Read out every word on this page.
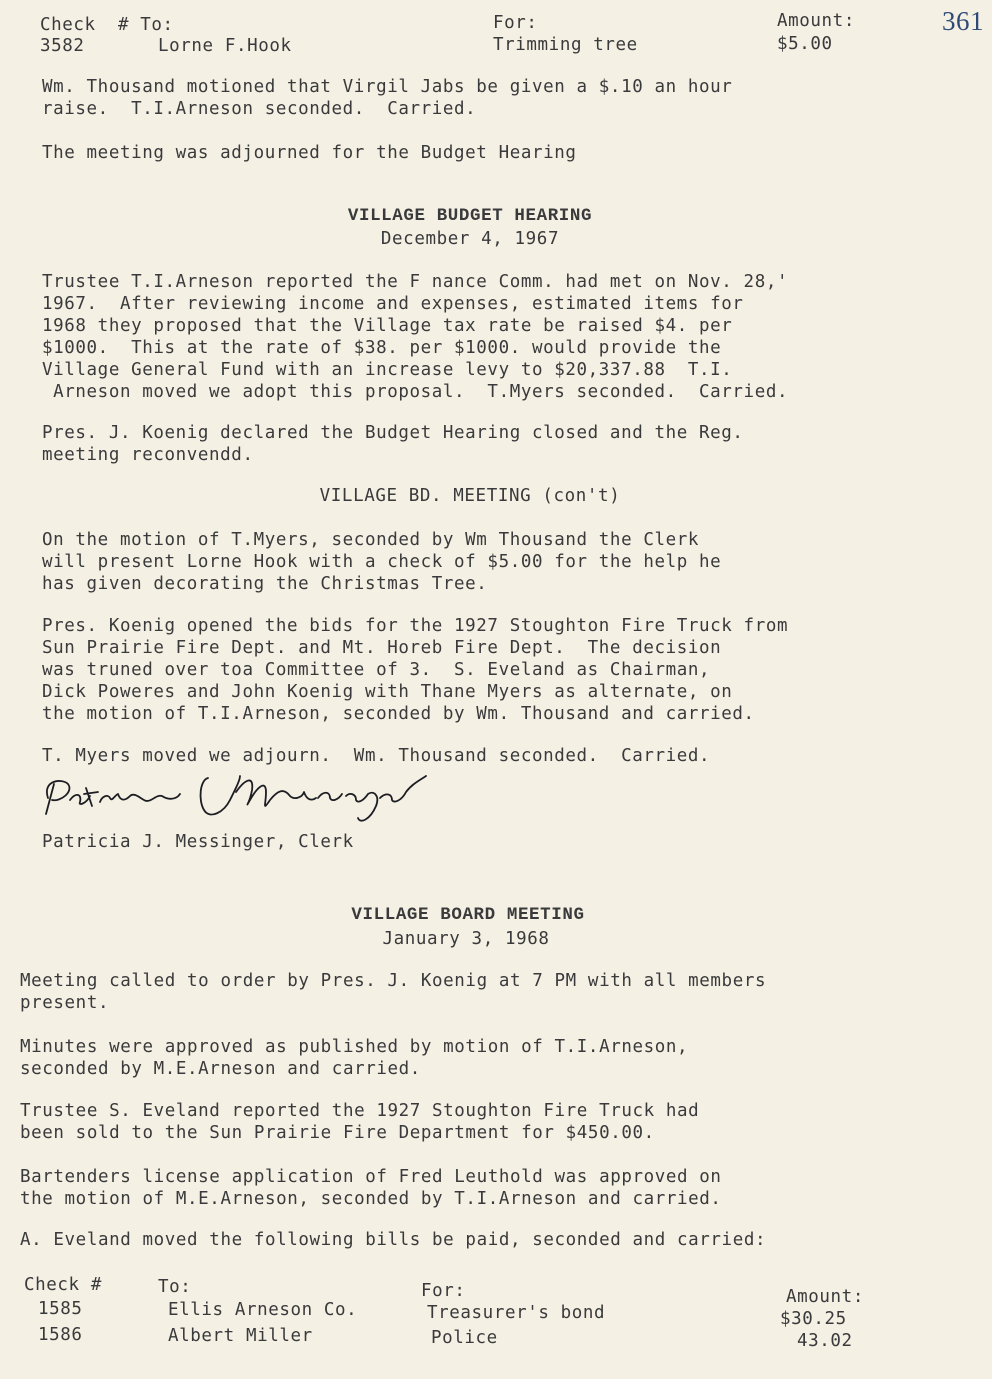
361
Check  # To:	For:	Amount:
3582	Lorne F.Hook	Trimming tree	$5.00
Wm. Thousand motioned that Virgil Jabs be given a $.10 an hour
raise.  T.I.Arneson seconded.  Carried.
The meeting was adjourned for the Budget Hearing
VILLAGE BUDGET HEARING
December 4, 1967
Trustee T.I.Arneson reported the F nance Comm. had met on Nov. 28,'
1967.  After reviewing income and expenses, estimated items for
1968 they proposed that the Village tax rate be raised $4. per
$1000.  This at the rate of $38. per $1000. would provide the
Village General Fund with an increase levy to $20,337.88  T.I.
Arneson moved we adopt this proposal.  T.Myers seconded.  Carried.
Pres. J. Koenig declared the Budget Hearing closed and the Reg.
meeting reconvendd.
VILLAGE BD. MEETING (con't)
On the motion of T.Myers, seconded by Wm Thousand the Clerk
will present Lorne Hook with a check of $5.00 for the help he
has given decorating the Christmas Tree.
Pres. Koenig opened the bids for the 1927 Stoughton Fire Truck from
Sun Prairie Fire Dept. and Mt. Horeb Fire Dept.  The decision
was truned over toa Committee of 3.  S. Eveland as Chairman,
Dick Poweres and John Koenig with Thane Myers as alternate, on
the motion of T.I.Arneson, seconded by Wm. Thousand and carried.
T. Myers moved we adjourn.  Wm. Thousand seconded.  Carried.
Patricia J. Messinger, Clerk
VILLAGE BOARD MEETING
January 3, 1968
Meeting called to order by Pres. J. Koenig at 7 PM with all members
present.
Minutes were approved as published by motion of T.I.Arneson,
seconded by M.E.Arneson and carried.
Trustee S. Eveland reported the 1927 Stoughton Fire Truck had
been sold to the Sun Prairie Fire Department for $450.00.
Bartenders license application of Fred Leuthold was approved on
the motion of M.E.Arneson, seconded by T.I.Arneson and carried.
A. Eveland moved the following bills be paid, seconded and carried:
Check #	To:	For:	Amount:
1585	Ellis Arneson Co.	Treasurer's bond	$30.25
1586	Albert Miller	Police	43.02
